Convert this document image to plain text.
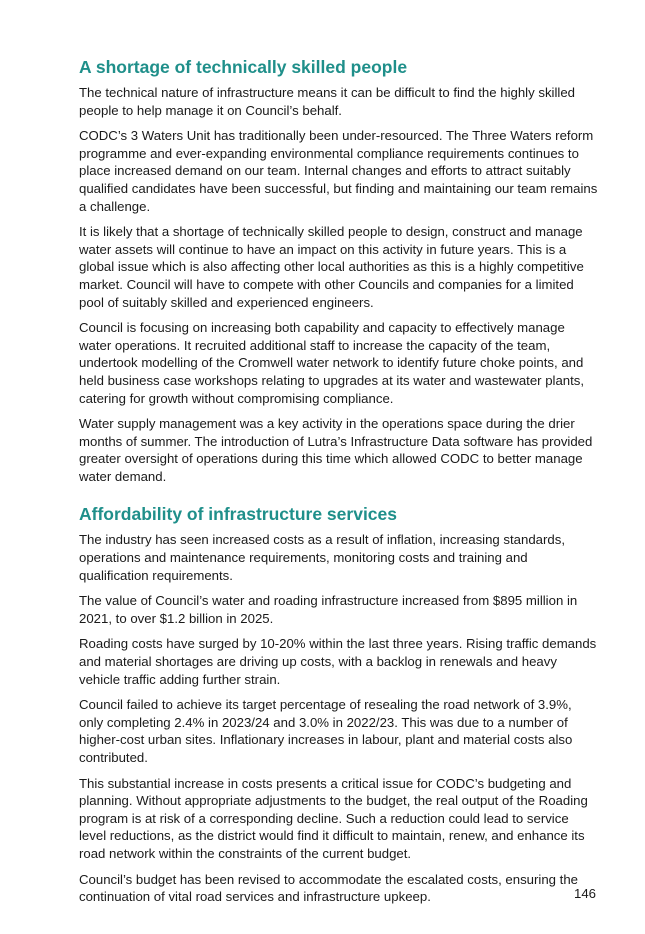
A shortage of technically skilled people

The technical nature of infrastructure means it can be difficult to find the highly skilled people to help manage it on Council’s behalf.

CODC’s 3 Waters Unit has traditionally been under-resourced. The Three Waters reform programme and ever-expanding environmental compliance requirements continues to place increased demand on our team. Internal changes and efforts to attract suitably qualified candidates have been successful, but finding and maintaining our team remains a challenge.

It is likely that a shortage of technically skilled people to design, construct and manage water assets will continue to have an impact on this activity in future years. This is a global issue which is also affecting other local authorities as this is a highly competitive market. Council will have to compete with other Councils and companies for a limited pool of suitably skilled and experienced engineers.

Council is focusing on increasing both capability and capacity to effectively manage water operations. It recruited additional staff to increase the capacity of the team, undertook modelling of the Cromwell water network to identify future choke points, and held business case workshops relating to upgrades at its water and wastewater plants, catering for growth without compromising compliance.

Water supply management was a key activity in the operations space during the drier months of summer. The introduction of Lutra’s Infrastructure Data software has provided greater oversight of operations during this time which allowed CODC to better manage water demand.

Affordability of infrastructure services

The industry has seen increased costs as a result of inflation, increasing standards, operations and maintenance requirements, monitoring costs and training and qualification requirements.

The value of Council’s water and roading infrastructure increased from $895 million in 2021, to over $1.2 billion in 2025.

Roading costs have surged by 10-20% within the last three years. Rising traffic demands and material shortages are driving up costs, with a backlog in renewals and heavy vehicle traffic adding further strain.

Council failed to achieve its target percentage of resealing the road network of 3.9%, only completing 2.4% in 2023/24 and 3.0% in 2022/23. This was due to a number of higher-cost urban sites. Inflationary increases in labour, plant and material costs also contributed.

This substantial increase in costs presents a critical issue for CODC’s budgeting and planning. Without appropriate adjustments to the budget, the real output of the Roading program is at risk of a corresponding decline. Such a reduction could lead to service level reductions, as the district would find it difficult to maintain, renew, and enhance its road network within the constraints of the current budget.

Council’s budget has been revised to accommodate the escalated costs, ensuring the continuation of vital road services and infrastructure upkeep.	146
